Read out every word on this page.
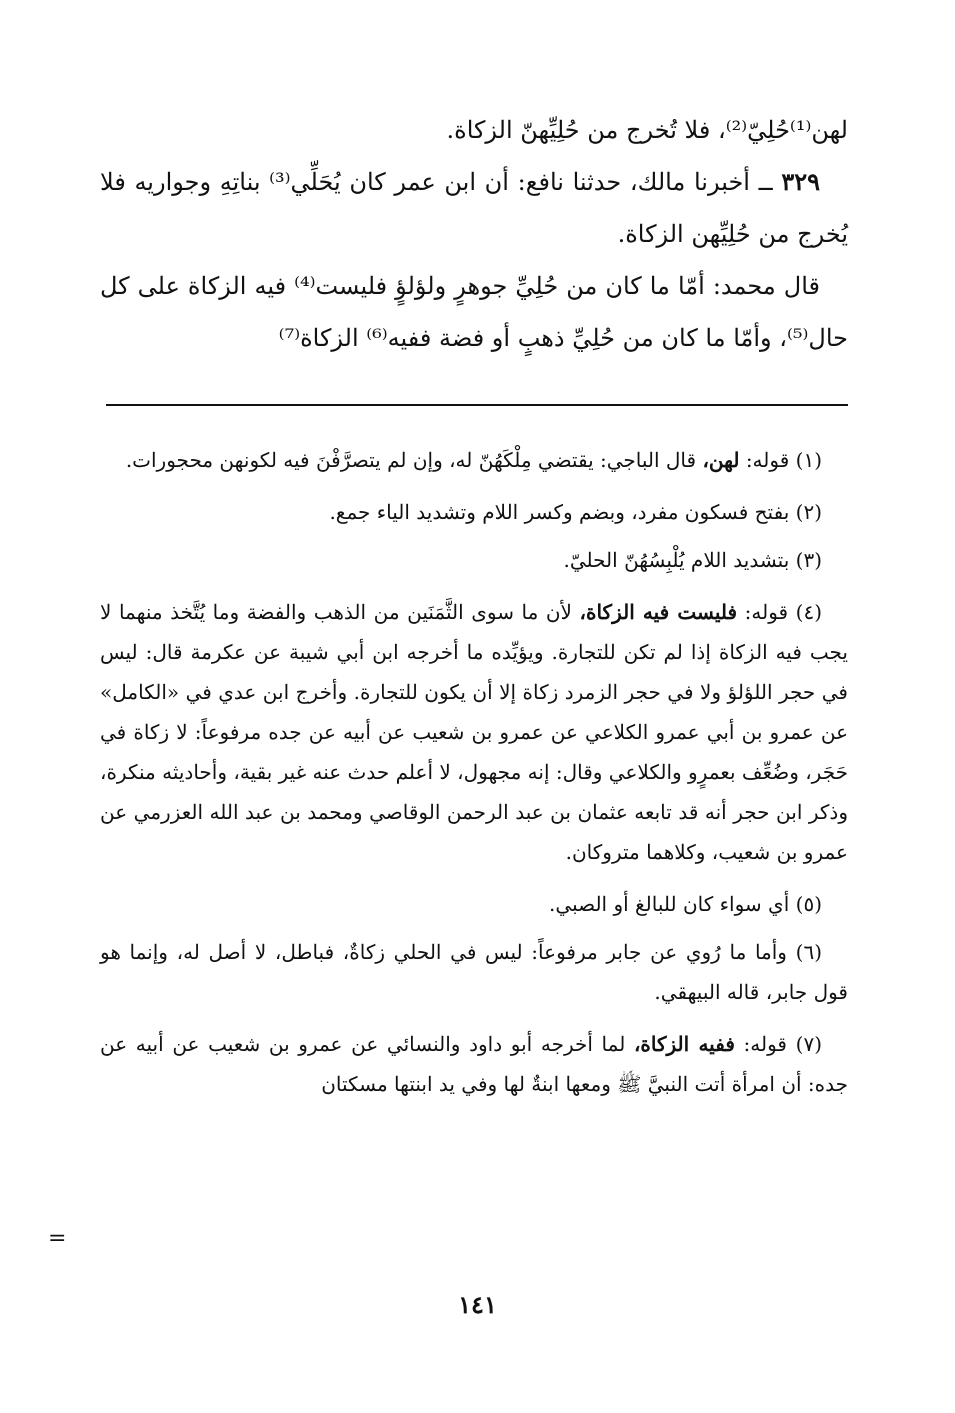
لهن⁽¹⁾حُلِيّ⁽²⁾، فلا تُخرج من حُلِيِّهنّ الزكاة.

٣٢٩ ــ أخبرنا مالك، حدثنا نافع: أن ابن عمر كان يُحَلِّي⁽³⁾ بناتِهِ وجواريه فلا يُخرج من حُلِيِّهن الزكاة.

قال محمد: أمّا ما كان من حُلِيِّ جوهرٍ ولؤلؤٍ فليست⁽⁴⁾ فيه الزكاة على كل حال⁽⁵⁾، وأمّا ما كان من حُلِيِّ ذهبٍ أو فضة ففيه⁽⁶⁾ الزكاة⁽⁷⁾

(١) قوله: لهن، قال الباجي: يقتضي مِلْكَهُنّ له، وإن لم يتصرَّفْنَ فيه لكونهن محجورات.

(٢) بفتح فسكون مفرد، وبضم وكسر اللام وتشديد الياء جمع.

(٣) بتشديد اللام يُلْبِسُهُنّ الحليّ.

(٤) قوله: فليست فيه الزكاة، لأن ما سوى الثَّمَنَين من الذهب والفضة وما يُتَّخذ منهما لا يجب فيه الزكاة إذا لم تكن للتجارة. ويؤيِّده ما أخرجه ابن أبي شيبة عن عكرمة قال: ليس في حجر اللؤلؤ ولا في حجر الزمرد زكاة إلا أن يكون للتجارة. وأخرج ابن عدي في «الكامل» عن عمرو بن أبي عمرو الكلاعي عن عمرو بن شعيب عن أبيه عن جده مرفوعاً: لا زكاة في حَجَر، وضُعِّف بعمرٍو والكلاعي وقال: إنه مجهول، لا أعلم حدث عنه غير بقية، وأحاديثه منكرة، وذكر ابن حجر أنه قد تابعه عثمان بن عبد الرحمن الوقاصي ومحمد بن عبد الله العزرمي عن عمرو بن شعيب، وكلاهما متروكان.

(٥) أي سواء كان للبالغ أو الصبي.

(٦) وأما ما رُوي عن جابر مرفوعاً: ليس في الحلي زكاةٌ، فباطل، لا أصل له، وإنما هو قول جابر، قاله البيهقي.

(٧) قوله: ففيه الزكاة، لما أخرجه أبو داود والنسائي عن عمرو بن شعيب عن أبيه عن جده: أن امرأة أتت النبيَّ ﷺ ومعها ابنةٌ لها وفي يد ابنتها مسكتان

=
١٤١
